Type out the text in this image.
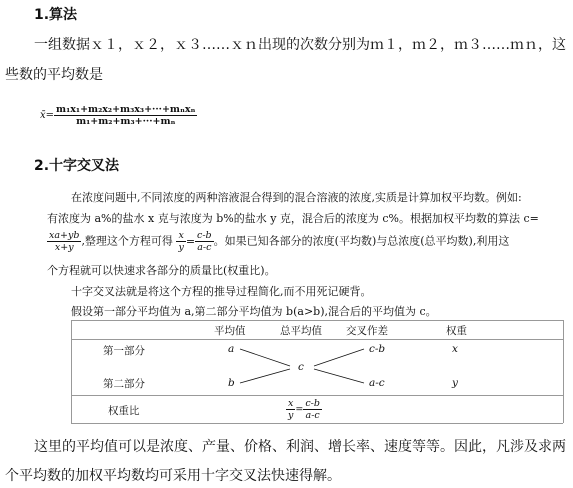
1.算法
一组数据ｘ１，ｘ２，ｘ３……ｘｎ出现的次数分别为ｍ１，ｍ２，ｍ３……ｍｎ，这
些数的平均数是
x̄= $\frac{\text{m₁x₁+m₂x₂+m₃x₃+···+mₙxₙ}}{\text{m₁+m₂+m₃+···+mₙ}}$
2.十字交叉法
在浓度问题中,不同浓度的两种溶液混合得到的混合溶液的浓度,实质是计算加权平均数。例如:
有浓度为 a%的盐水 x 克与浓度为 b%的盐水 y 克，混合后的浓度为 c%。根据加权平均数的算法 c=
$\frac{xa+yb}{x+y}$ ,整理这个方程可得 $\frac{x}{y} = \frac{c-b}{a-c}$ 。如果已知各部分的浓度(平均数)与总浓度(总平均数),利用这
个方程就可以快速求各部分的质量比(权重比)。
十字交叉法就是将这个方程的推导过程简化,而不用死记硬背。
假设第一部分平均值为 a,第二部分平均值为 b(a>b),混合后的平均值为 c。
平均值	总平均值 交叉作差	权重
第一部分
第二部分
权重比
a
b
c
c-b
a-c
x
y
$\frac{x}{y} = \frac{c-b}{a-c}$
这里的平均值可以是浓度、产量、价格、利润、增长率、速度等等。因此，凡涉及求两
个平均数的加权平均数均可采用十字交叉法快速得解。
